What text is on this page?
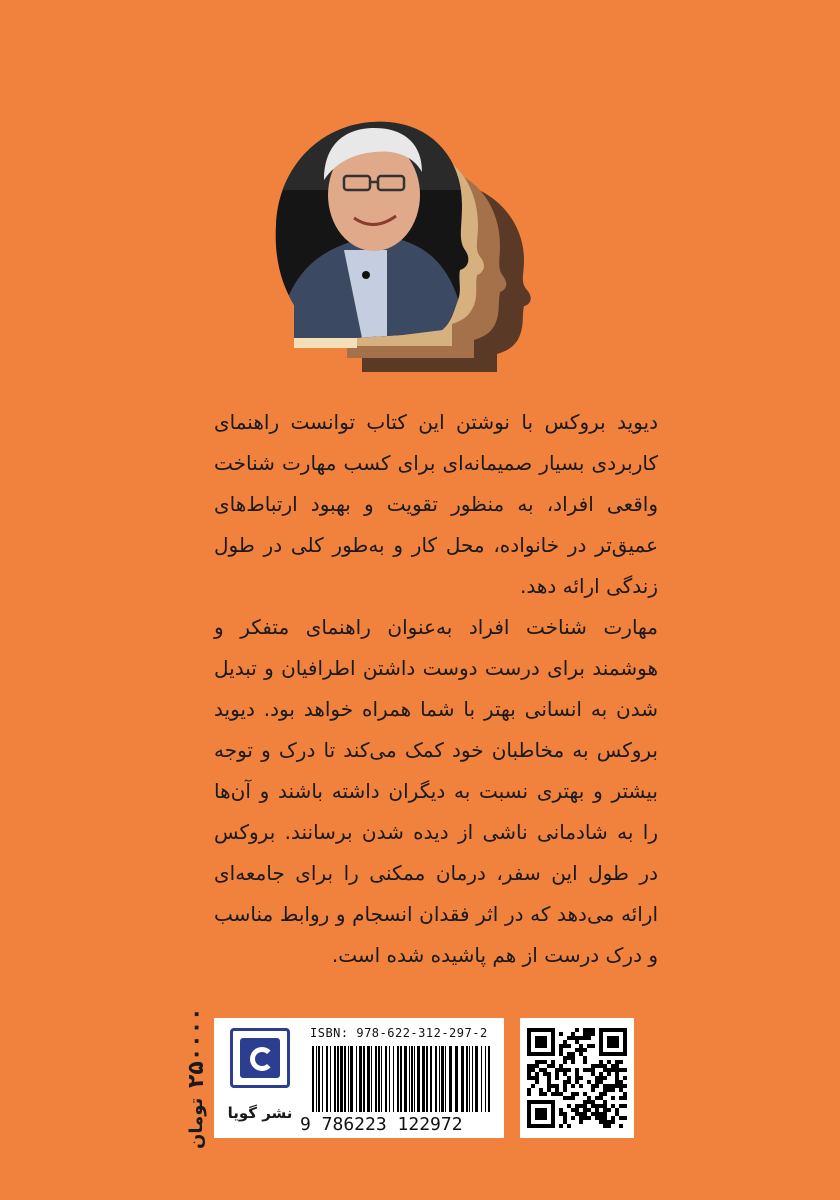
دیوید بروکس با نوشتن این کتاب توانست راهنمای کاربردی بسیار صمیمانه‌ای برای کسب مهارت شناخت واقعی افراد، به منظور تقویت و بهبود ارتباط‌های عمیق‌تر در خانواده، محل کار و به‌طور کلی در طول زندگی ارائه دهد.

مهارت شناخت افراد به‌عنوان راهنمای متفکر و هوشمند برای درست دوست داشتن اطرافیان و تبدیل شدن به انسانی بهتر با شما همراه خواهد بود. دیوید بروکس به مخاطبان خود کمک می‌کند تا درک و توجه بیشتر و بهتری نسبت به دیگران داشته باشند و آن‌ها را به شادمانی ناشی از دیده شدن برسانند. بروکس در طول این سفر، درمان ممکنی را برای جامعه‌ای ارائه می‌دهد که در اثر فقدان انسجام و روابط مناسب و درک درست از هم پاشیده شده است.

۲۵۰۰۰۰
تومان	نشر گویا
ISBN: 978-622-312-297-2
9 786223 122972
